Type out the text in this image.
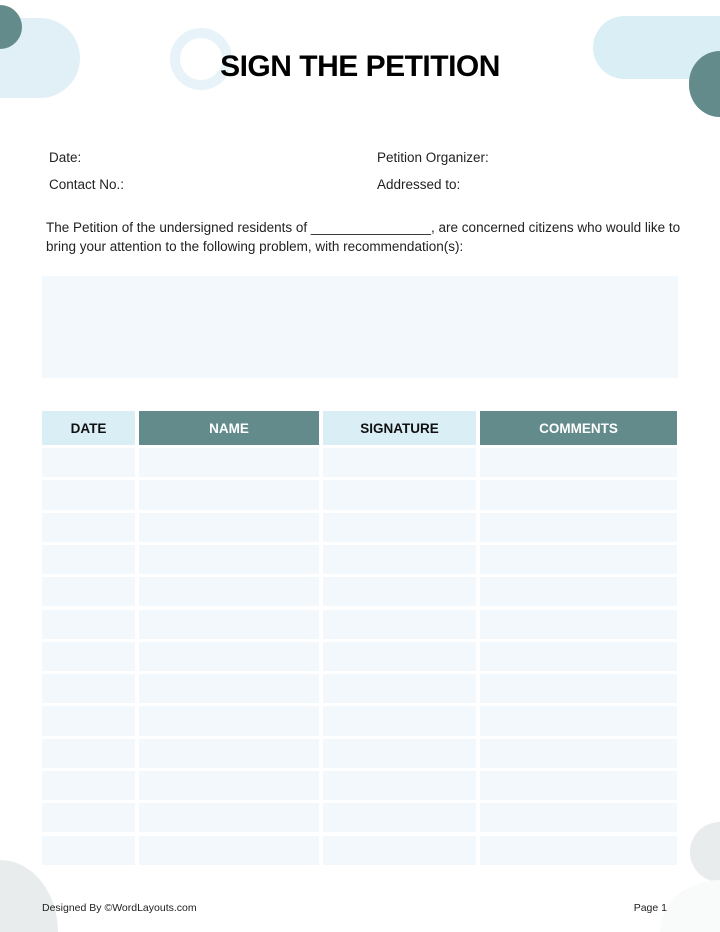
SIGN THE PETITION
Date:	Petition Organizer:
Contact No.:	Addressed to:
The Petition of the undersigned residents of ________________, are concerned citizens who would like to bring your attention to the following problem, with recommendation(s):
DATE	NAME	SIGNATURE	COMMENTS
Designed By ©WordLayouts.com	Page 1
